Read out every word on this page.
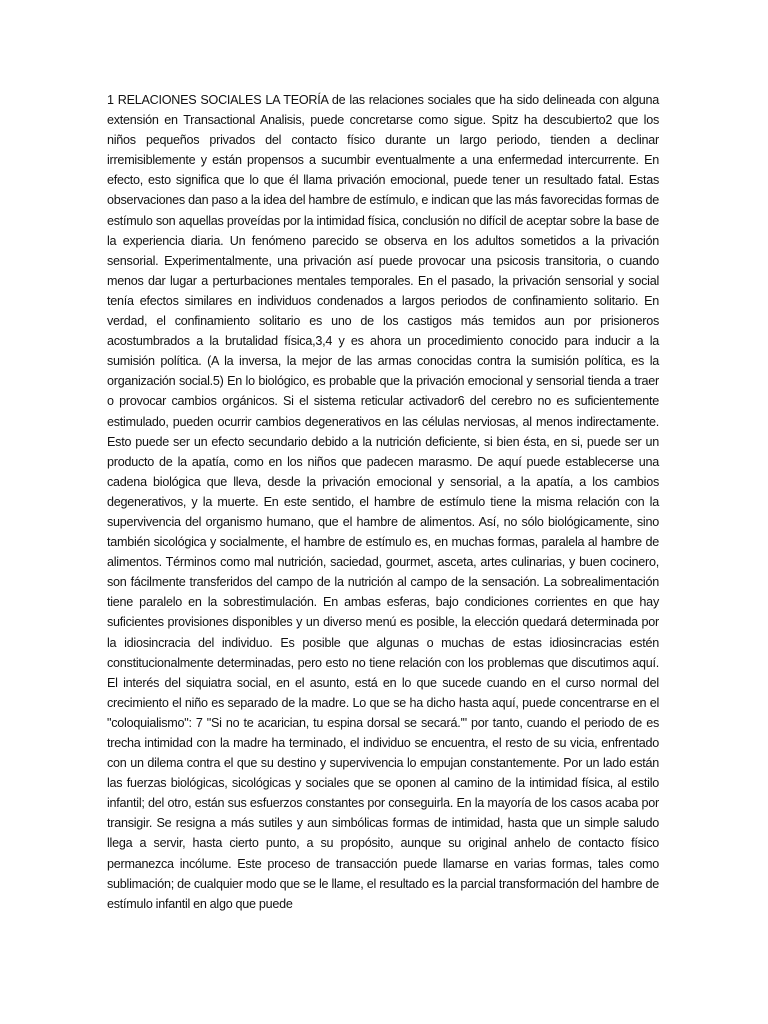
1 RELACIONES SOCIALES LA TEORÍA de las relaciones sociales que ha sido delineada con alguna extensión en Transactional Analisis, puede concretarse como sigue. Spitz ha descubierto2 que los niños pequeños privados del contacto físico durante un largo periodo, tienden a declinar irremisiblemente y están propensos a sucumbir eventualmente a una enfermedad intercurrente. En efecto, esto significa que lo que él llama privación emocional, puede tener un resultado fatal. Estas observaciones dan paso a la idea del hambre de estímulo, e indican que las más favorecidas formas de estímulo son aquellas proveídas por la intimidad física, conclusión no difícil de aceptar sobre la base de la experiencia diaria. Un fenómeno parecido se observa en los adultos sometidos a la privación sensorial. Experimentalmente, una privación así puede provocar una psicosis transitoria, o cuando menos dar lugar a perturbaciones mentales temporales. En el pasado, la privación sensorial y social tenía efectos similares en individuos condenados a largos periodos de confinamiento solitario. En verdad, el confinamiento solitario es uno de los castigos más temidos aun por prisioneros acostumbrados a la brutalidad física,3,4 y es ahora un procedimiento conocido para inducir a la sumisión política. (A la inversa, la mejor de las armas conocidas contra la sumisión política, es la organización social.5) En lo biológico, es probable que la privación emocional y sensorial tienda a traer o provocar cambios orgánicos. Si el sistema reticular activador6 del cerebro no es suficientemente estimulado, pueden ocurrir cambios degenerativos en las células nerviosas, al menos indirectamente. Esto puede ser un efecto secundario debido a la nutrición deficiente, si bien ésta, en si, puede ser un producto de la apatía, como en los niños que padecen marasmo. De aquí puede establecerse una cadena biológica que lleva, desde la privación emocional y sensorial, a la apatía, a los cambios degenerativos, y la muerte. En este sentido, el hambre de estímulo tiene la misma relación con la supervivencia del organismo humano, que el hambre de alimentos. Así, no sólo biológicamente, sino también sicológica y socialmente, el hambre de estímulo es, en muchas formas, paralela al hambre de alimentos. Términos como mal nutrición, saciedad, gourmet, asceta, artes culinarias, y buen cocinero, son fácilmente transferidos del campo de la nutrición al campo de la sensación. La sobrealimentación tiene paralelo en la sobrestimulación. En ambas esferas, bajo condiciones corrientes en que hay suficientes provisiones disponibles y un diverso menú es posible, la elección quedará determinada por la idiosincracia del individuo. Es posible que algunas o muchas de estas idiosincracias estén constitucionalmente determinadas, pero esto no tiene relación con los problemas que discutimos aquí. El interés del siquiatra social, en el asunto, está en lo que sucede cuando en el curso normal del crecimiento el niño es separado de la madre. Lo que se ha dicho hasta aquí, puede concentrarse en el "coloquialismo": 7 "Si no te acarician, tu espina dorsal se secará.'" por tanto, cuando el periodo de es trecha intimidad con la madre ha terminado, el individuo se encuentra, el resto de su vicia, enfrentado con un dilema contra el que su destino y supervivencia lo empujan constantemente. Por un lado están las fuerzas biológicas, sicológicas y sociales que se oponen al camino de la intimidad física, al estilo infantil; del otro, están sus esfuerzos constantes por conseguirla. En la mayoría de los casos acaba por transigir. Se resigna a más sutiles y aun simbólicas formas de intimidad, hasta que un simple saludo llega a servir, hasta cierto punto, a su propósito, aunque su original anhelo de contacto físico permanezca incólume. Este proceso de transacción puede llamarse en varias formas, tales como sublimación; de cualquier modo que se le llame, el resultado es la parcial transformación del hambre de estímulo infantil en algo que puede
